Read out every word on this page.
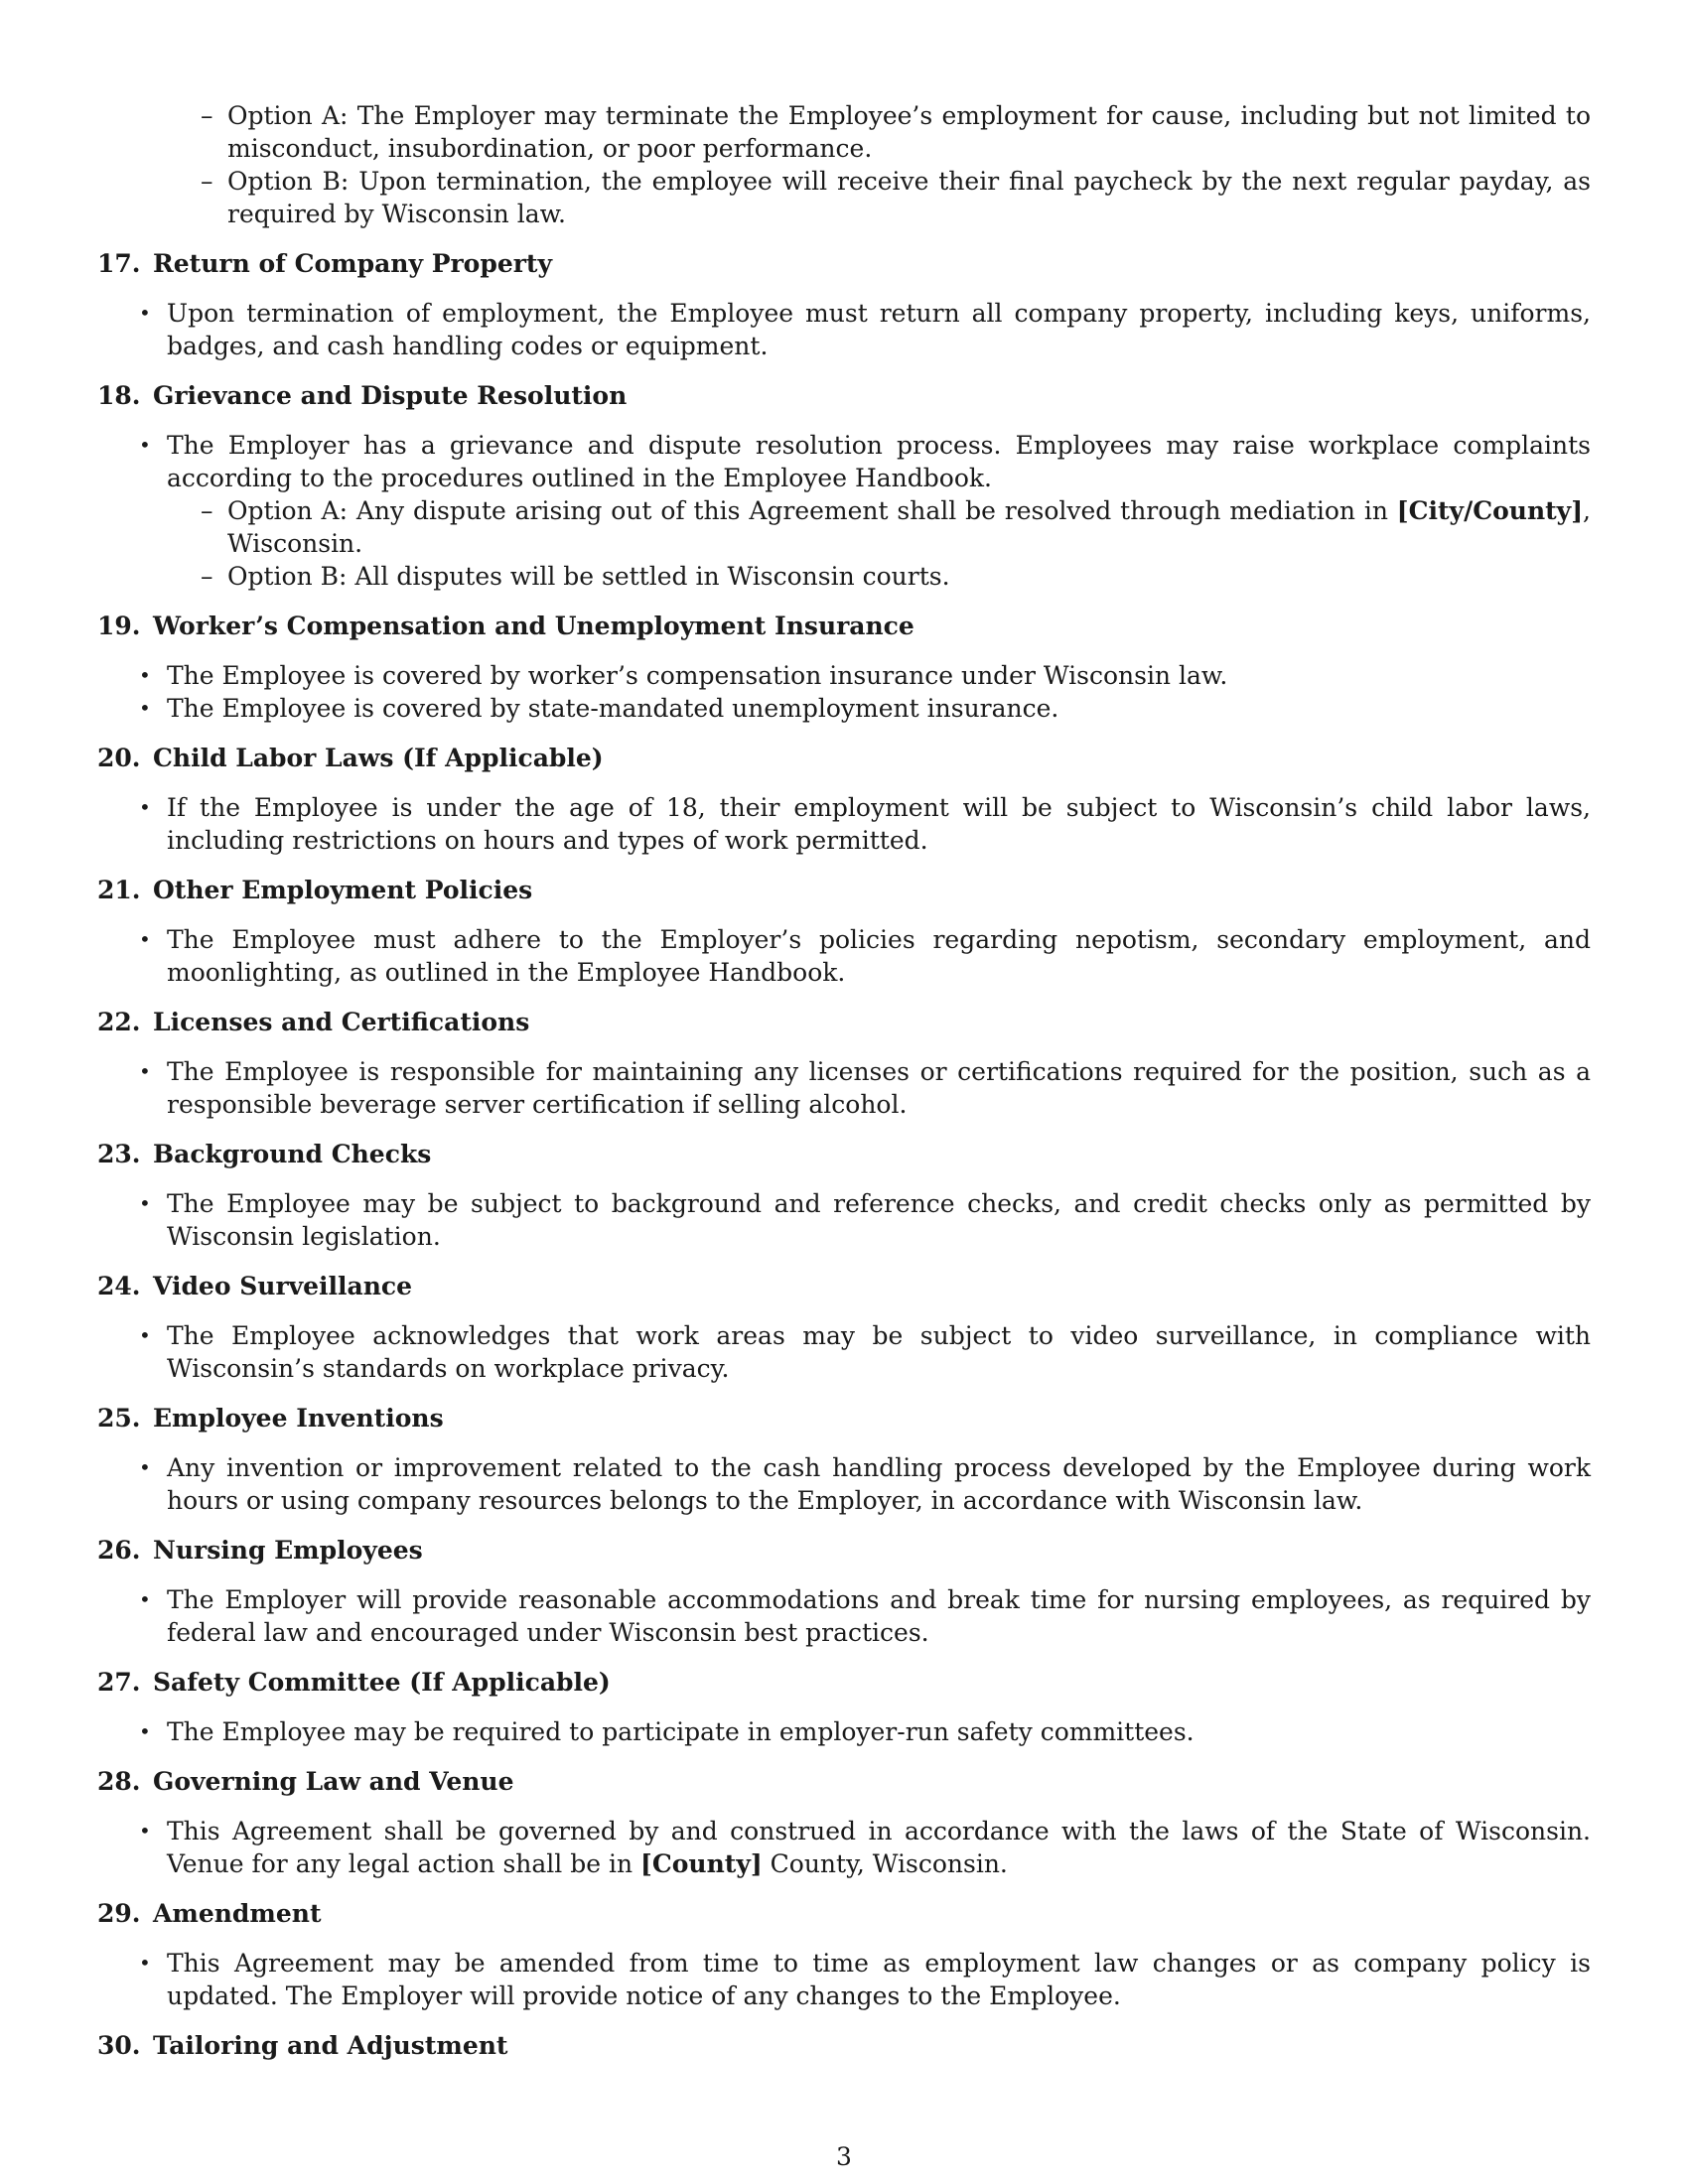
– Option A: The Employer may terminate the Employee’s employment for cause, including but not limited to misconduct, insubordination, or poor performance.
– Option B: Upon termination, the employee will receive their final paycheck by the next regular payday, as required by Wisconsin law.
17. Return of Company Property
• Upon termination of employment, the Employee must return all company property, including keys, uniforms, badges, and cash handling codes or equipment.
18. Grievance and Dispute Resolution
• The Employer has a grievance and dispute resolution process. Employees may raise workplace complaints according to the procedures outlined in the Employee Handbook.
– Option A: Any dispute arising out of this Agreement shall be resolved through mediation in [City/County], Wisconsin.
– Option B: All disputes will be settled in Wisconsin courts.
19. Worker’s Compensation and Unemployment Insurance
• The Employee is covered by worker’s compensation insurance under Wisconsin law.
• The Employee is covered by state-mandated unemployment insurance.
20. Child Labor Laws (If Applicable)
• If the Employee is under the age of 18, their employment will be subject to Wisconsin’s child labor laws, including restrictions on hours and types of work permitted.
21. Other Employment Policies
• The Employee must adhere to the Employer’s policies regarding nepotism, secondary employment, and moonlighting, as outlined in the Employee Handbook.
22. Licenses and Certifications
• The Employee is responsible for maintaining any licenses or certifications required for the position, such as a responsible beverage server certification if selling alcohol.
23. Background Checks
• The Employee may be subject to background and reference checks, and credit checks only as permitted by Wisconsin legislation.
24. Video Surveillance
• The Employee acknowledges that work areas may be subject to video surveillance, in compliance with Wisconsin’s standards on workplace privacy.
25. Employee Inventions
• Any invention or improvement related to the cash handling process developed by the Employee during work hours or using company resources belongs to the Employer, in accordance with Wisconsin law.
26. Nursing Employees
• The Employer will provide reasonable accommodations and break time for nursing employees, as required by federal law and encouraged under Wisconsin best practices.
27. Safety Committee (If Applicable)
• The Employee may be required to participate in employer-run safety committees.
28. Governing Law and Venue
• This Agreement shall be governed by and construed in accordance with the laws of the State of Wisconsin. Venue for any legal action shall be in [County] County, Wisconsin.
29. Amendment
• This Agreement may be amended from time to time as employment law changes or as company policy is updated. The Employer will provide notice of any changes to the Employee.
30. Tailoring and Adjustment
3
